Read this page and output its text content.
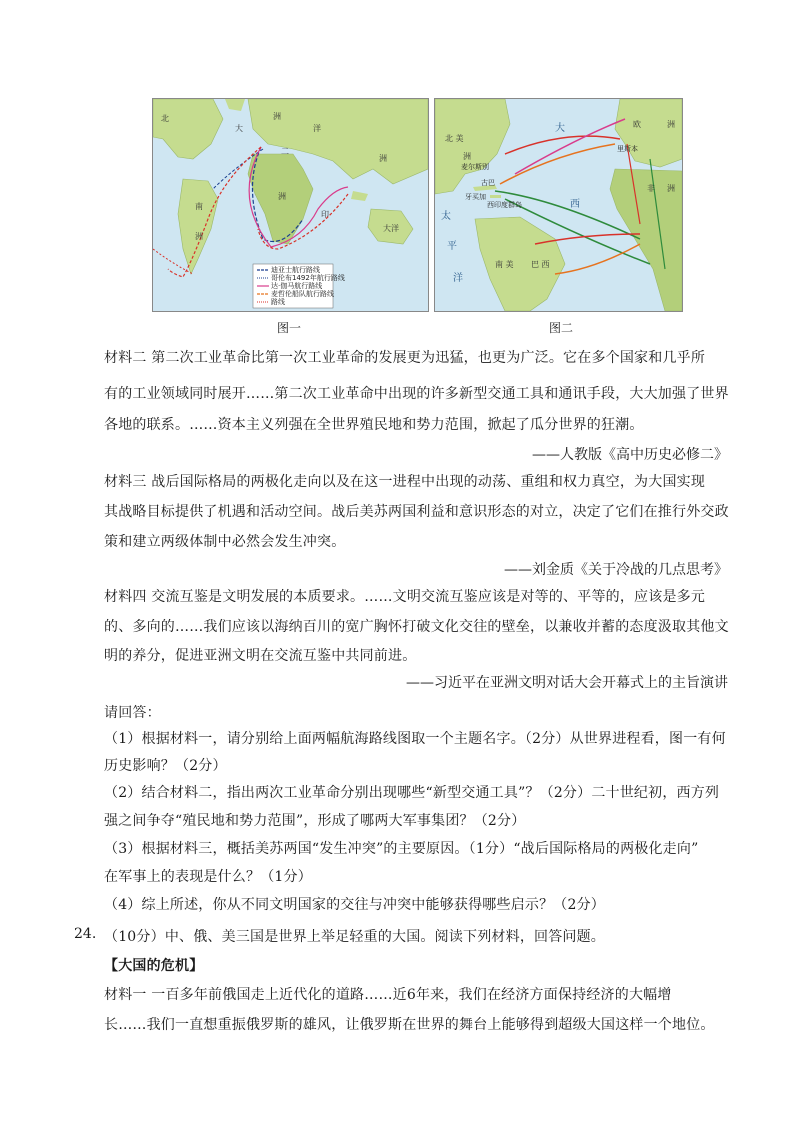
北
大
洲
二
洋
南
洲
洲
大洋
印
洲
迪亚士航行路线
哥伦布1492年航行路线
达·伽马航行路线
麦哲伦船队航行路线
路线
图一
北 美
洲
大
西
太
平
洋
南 美 巴 西
欧	洲
非 洲
里斯本
古巴
牙买加
西印度群岛
麦尔斯别
图二
材料二 第二次工业革命比第一次工业革命的发展更为迅猛，也更为广泛。它在多个国家和几乎所
有的工业领域同时展开……第二次工业革命中出现的许多新型交通工具和通讯手段，大大加强了世界
各地的联系。……资本主义列强在全世界殖民地和势力范围，掀起了瓜分世界的狂潮。
——人教版《高中历史必修二》
材料三 战后国际格局的两极化走向以及在这一进程中出现的动荡、重组和权力真空，为大国实现
其战略目标提供了机遇和活动空间。战后美苏两国利益和意识形态的对立，决定了它们在推行外交政
策和建立两级体制中必然会发生冲突。
——刘金质《关于冷战的几点思考》
材料四 交流互鉴是文明发展的本质要求。……文明交流互鉴应该是对等的、平等的，应该是多元
的、多向的……我们应该以海纳百川的宽广胸怀打破文化交往的壁垒，以兼收并蓄的态度汲取其他文
明的养分，促进亚洲文明在交流互鉴中共同前进。
——习近平在亚洲文明对话大会开幕式上的主旨演讲
请回答：
（1）根据材料一，请分别给上面两幅航海路线图取一个主题名字。（2分）从世界进程看，图一有何
历史影响？（2分）
（2）结合材料二，指出两次工业革命分别出现哪些“新型交通工具”？（2分）二十世纪初，西方列
强之间争夺“殖民地和势力范围”，形成了哪两大军事集团？（2分）
（3）根据材料三，概括美苏两国“发生冲突”的主要原因。（1分）“战后国际格局的两极化走向”
在军事上的表现是什么？（1分）
（4）综上所述，你从不同文明国家的交往与冲突中能够获得哪些启示？（2分）
24. （10分）中、俄、美三国是世界上举足轻重的大国。阅读下列材料，回答问题。
【大国的危机】
材料一 一百多年前俄国走上近代化的道路……近6年来，我们在经济方面保持经济的大幅增
长……我们一直想重振俄罗斯的雄风，让俄罗斯在世界的舞台上能够得到超级大国这样一个地位。
